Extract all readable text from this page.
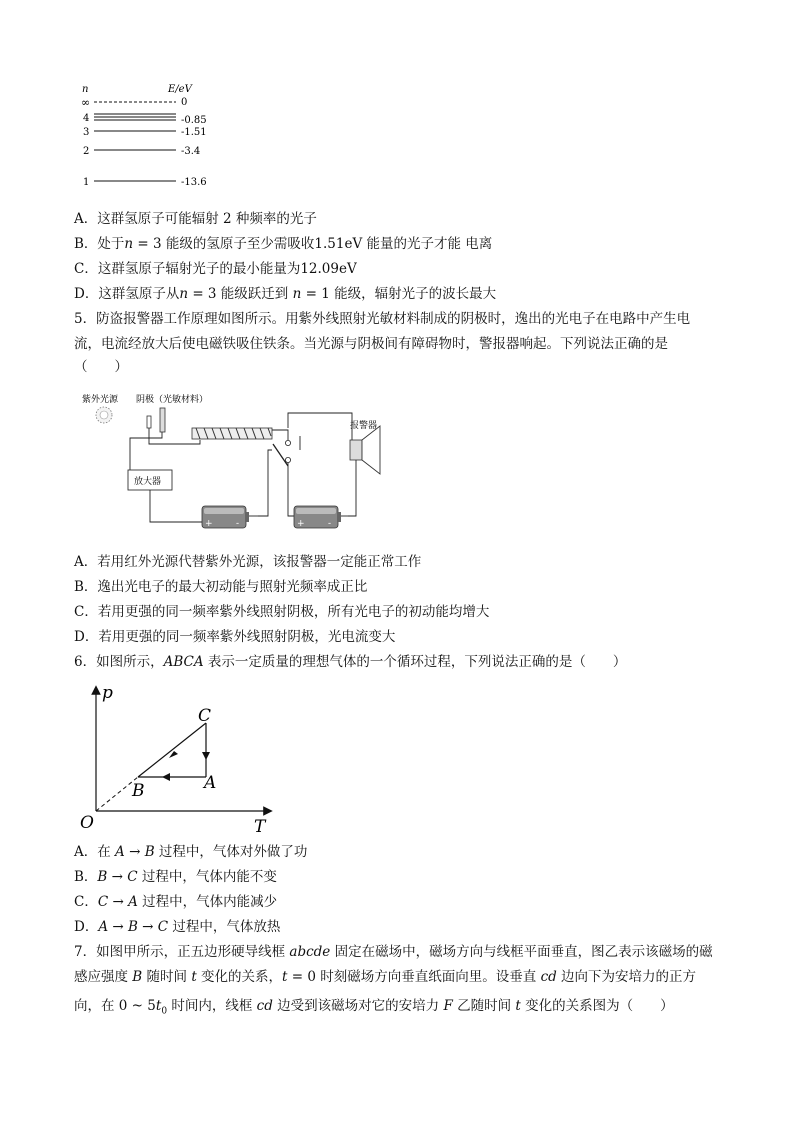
n	E/eV
∞	0
4	-0.85
3	-1.51
2	-3.4
1	-13.6
A．这群氢原子可能辐射 2 种频率的光子
B．处于n = 3 能级的氢原子至少需吸收1.51eV 能量的光子才能 电离
C．这群氢原子辐射光子的最小能量为12.09eV
D．这群氢原子从n = 3 能级跃迁到 n = 1 能级，辐射光子的波长最大
5．防盗报警器工作原理如图所示。用紫外线照射光敏材料制成的阴极时，逸出的光电子在电路中产生电
流，电流经放大后使电磁铁吸住铁条。当光源与阴极间有障碍物时，警报器响起。下列说法正确的是
（　　）
紫外光源 阴极（光敏材料）
报警器
放大器
+	-	+	-
A．若用红外光源代替紫外光源，该报警器一定能正常工作
B．逸出光电子的最大初动能与照射光频率成正比
C．若用更强的同一频率紫外线照射阴极，所有光电子的初动能均增大
D．若用更强的同一频率紫外线照射阴极，光电流变大
6．如图所示，ABCA 表示一定质量的理想气体的一个循环过程，下列说法正确的是（　　）
p
T
O
C
A
B
A．在 A → B 过程中，气体对外做了功
B．B → C 过程中，气体内能不变
C．C → A 过程中，气体内能减少
D．A → B → C 过程中，气体放热
7．如图甲所示，正五边形硬导线框 abcde 固定在磁场中，磁场方向与线框平面垂直，图乙表示该磁场的磁
感应强度 B 随时间 t 变化的关系，t = 0 时刻磁场方向垂直纸面向里。设垂直 cd 边向下为安培力的正方
向，在 0 ~ $5t_0$ 时间内，线框 cd 边受到该磁场对它的安培力 F 乙随时间 t 变化的关系图为（　　）
